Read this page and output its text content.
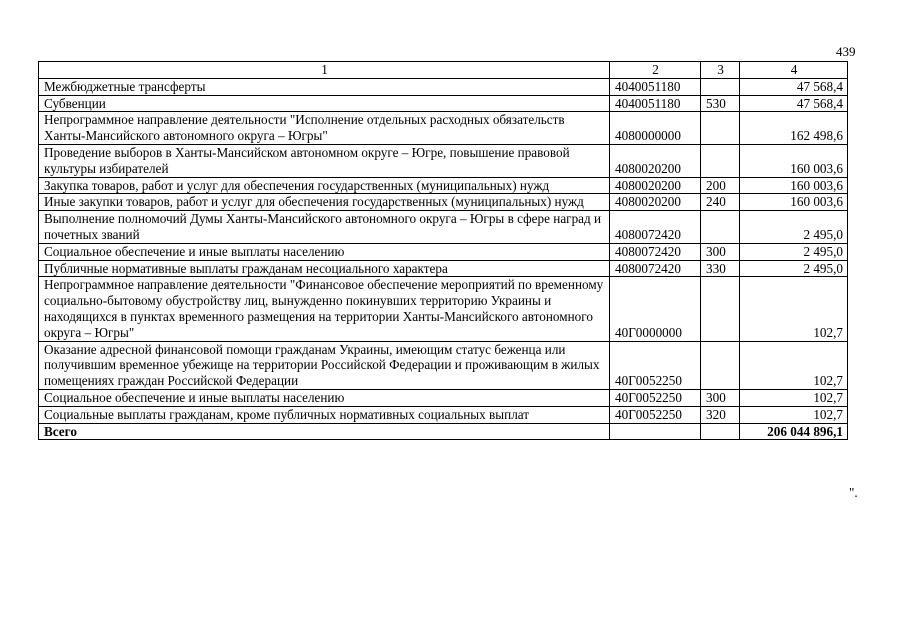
439
1	2	3	4
Межбюджетные трансферты	4040051180		47 568,4
Субвенции	4040051180	530	47 568,4
Непрограммное направление деятельности "Исполнение отдельных расходных обязательств Ханты-Мансийского автономного округа – Югры"	4080000000		162 498,6
Проведение выборов в Ханты-Мансийском автономном округе – Югре, повышение правовой культуры избирателей	4080020200		160 003,6
Закупка товаров, работ и услуг для обеспечения государственных (муниципальных) нужд	4080020200	200	160 003,6
Иные закупки товаров, работ и услуг для обеспечения государственных (муниципальных) нужд	4080020200	240	160 003,6
Выполнение полномочий Думы Ханты-Мансийского автономного округа – Югры в сфере наград и почетных званий	4080072420		2 495,0
Социальное обеспечение и иные выплаты населению	4080072420	300	2 495,0
Публичные нормативные выплаты гражданам несоциального характера	4080072420	330	2 495,0
Непрограммное направление деятельности "Финансовое обеспечение мероприятий по временному социально-бытовому обустройству лиц, вынужденно покинувших территорию Украины и находящихся в пунктах временного размещения на территории Ханты-Мансийского автономного округа – Югры"	40Г0000000		102,7
Оказание адресной финансовой помощи гражданам Украины, имеющим статус беженца или получившим временное убежище на территории Российской Федерации и проживающим в жилых помещениях граждан Российской Федерации	40Г0052250		102,7
Социальное обеспечение и иные выплаты населению	40Г0052250	300	102,7
Социальные выплаты гражданам, кроме публичных нормативных социальных выплат	40Г0052250	320	102,7
Всего			206 044 896,1
".
